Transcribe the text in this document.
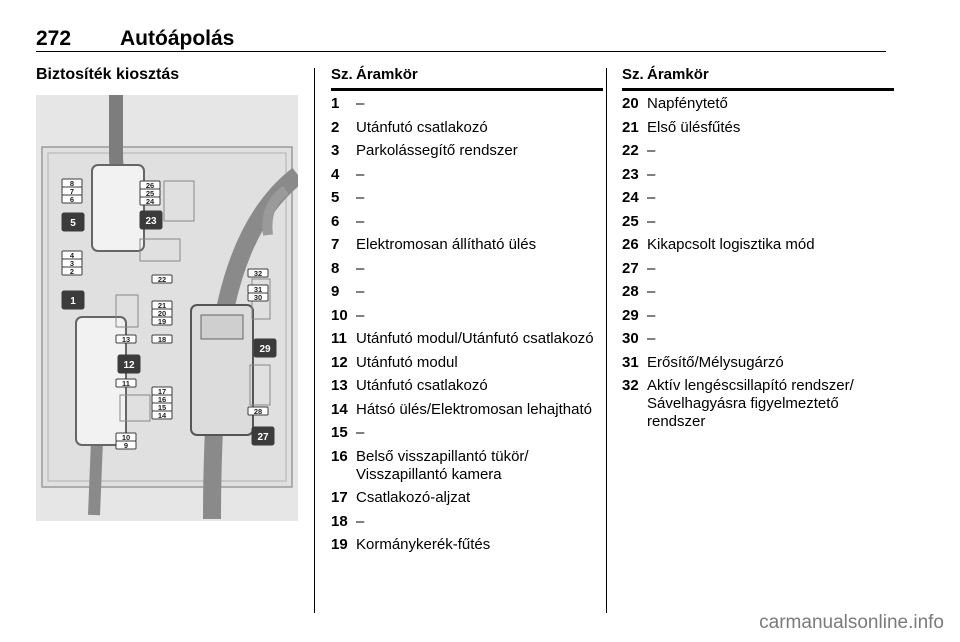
272 Autóápolás
Biztosíték kiosztás
1
2
3
4
5
6
7
8
9
10
11
12
13
14
15
16
17
18
19
20
21
22
23
24
25
26
27
28
29
30
31
32
Sz. Áramkör
1 –
2 Utánfutó csatlakozó
3 Parkolássegítő rendszer
4 –
5 –
6 –
7 Elektromosan állítható ülés
8 –
9 –
10 –
11 Utánfutó modul/Utánfutó csatlakozó
12 Utánfutó modul
13 Utánfutó csatlakozó
14 Hátsó ülés/Elektromosan lehajtható
15 –
16 Belső visszapillantó tükör/ Visszapillantó kamera
17 Csatlakozó-aljzat
18 –
19 Kormánykerék-fűtés
Sz. Áramkör
20 Napfénytető
21 Első ülésfűtés
22 –
23 –
24 –
25 –
26 Kikapcsolt logisztika mód
27 –
28 –
29 –
30 –
31 Erősítő/Mélysugárzó
32 Aktív lengéscsillapító rendszer/ Sávelhagyásra figyelmeztető rendszer
carmanualsonline.info
